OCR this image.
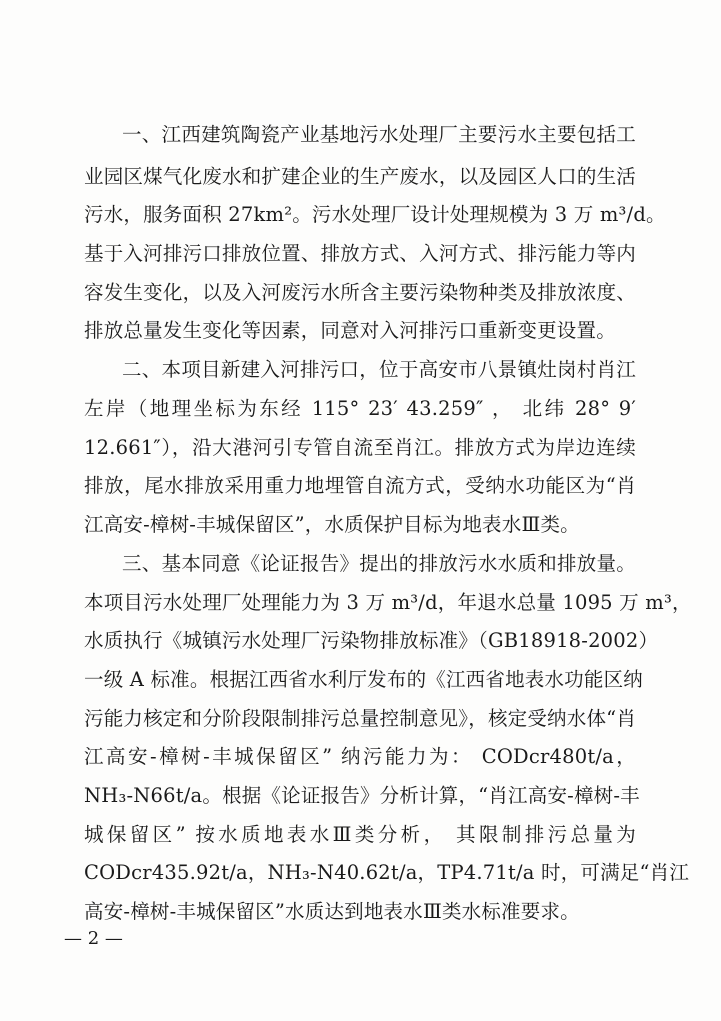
一、江西建筑陶瓷产业基地污水处理厂主要污水主要包括工
业园区煤气化废水和扩建企业的生产废水，以及园区人口的生活
污水，服务面积 27km²。污水处理厂设计处理规模为 3 万 m³/d。
基于入河排污口排放位置、排放方式、入河方式、排污能力等内
容发生变化，以及入河废污水所含主要污染物种类及排放浓度、
排放总量发生变化等因素，同意对入河排污口重新变更设置。
二、本项目新建入河排污口，位于高安市八景镇灶岗村肖江
左岸（地理坐标为东经 115° 23′ 43.259″ ， 北纬 28° 9′
12.661″），沿大港河引专管自流至肖江。排放方式为岸边连续
排放，尾水排放采用重力地埋管自流方式，受纳水功能区为“肖
江高安-樟树-丰城保留区”，水质保护目标为地表水Ⅲ类。
三、基本同意《论证报告》提出的排放污水水质和排放量。
本项目污水处理厂处理能力为 3 万 m³/d，年退水总量 1095 万 m³，
水质执行《城镇污水处理厂污染物排放标准》（GB18918-2002）
一级 A 标准。根据江西省水利厅发布的《江西省地表水功能区纳
污能力核定和分阶段限制排污总量控制意见》，核定受纳水体“肖
江高安-樟树-丰城保留区” 纳污能力为： CODcr480t/a，
NH₃-N66t/a。根据《论证报告》分析计算，“肖江高安-樟树-丰
城保留区” 按水质地表水Ⅲ类分析， 其限制排污总量为
CODcr435.92t/a，NH₃-N40.62t/a，TP4.71t/a 时，可满足“肖江
高安-樟树-丰城保留区”水质达到地表水Ⅲ类水标准要求。
— 2 —
